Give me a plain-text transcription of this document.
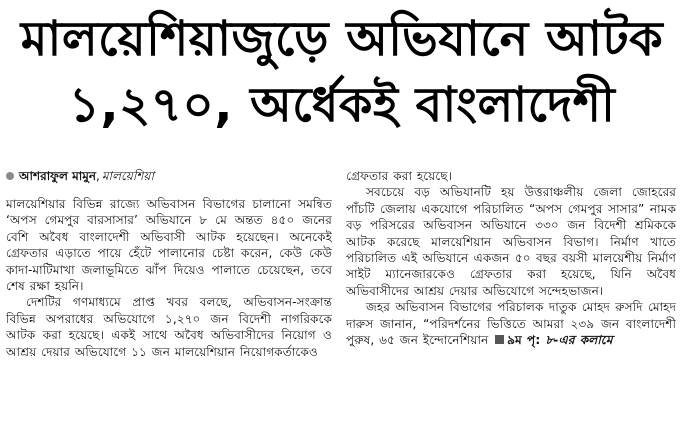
মালয়েশিয়াজুড়ে অভিযানে আটক
১,২৭০, অর্ধেকই বাংলাদেশী
আশরাফুল মামুন, মালয়েশিয়া

মালয়েশিয়ার বিভিন্ন রাজ্যে অভিবাসন বিভাগের চালানো সমন্বিত ‘অপস গেমপুর বারসাসার’ অভিযানে ৮ মে অন্তত ৪৫০ জনের বেশি অবৈধ বাংলাদেশী অভিবাসী আটক হয়েছেন। অনেকেই গ্রেফতার এড়াতে পায়ে হেঁটে পালানোর চেষ্টা করেন, কেউ কেউ কাদা-মাটিমাখা জলাভূমিতে ঝাঁপ দিয়েও পালাতে চেয়েছেন, তবে শেষ রক্ষা হয়নি।

দেশটির গণমাধ্যমে প্রাপ্ত খবর বলছে, অভিবাসন-সংক্রান্ত বিভিন্ন অপরাধের অভিযোগে ১,২৭০ জন বিদেশী নাগরিককে আটক করা হয়েছে। একই সাথে অবৈধ অভিবাসীদের নিয়োগ ও আশ্রয় দেয়ার অভিযোগে ১১ জন মালয়েশিয়ান নিয়োগকর্তাকেও

গ্রেফতার করা হয়েছে।

সবচেয়ে বড় অভিযানটি হয় উত্তরাঞ্চলীয় জেলা জোহরের পাঁচটি জেলায় একযোগে পরিচালিত “অপস গেমপুর সাসার” নামক বড় পরিসরের অভিবাসন অভিযানে ৩৩০ জন বিদেশী শ্রমিককে আটক করেছে মালয়েশিয়ান অভিবাসন বিভাগ। নির্মাণ খাতে পরিচালিত এই অভিযানে একজন ৫০ বছর বয়সী মালয়েশীয় নির্মাণ সাইট ম্যানেজারকেও গ্রেফতার করা হয়েছে, যিনি অবৈধ অভিবাসীদের আশ্রয় দেয়ার অভিযোগে সন্দেহভাজন।

জহর অভিবাসন বিভাগের পরিচালক দাতুক মোহদ রুসদি মোহদ দারুস জানান, “পরিদর্শনের ভিত্তিতে আমরা ২৩৯ জন বাংলাদেশী পুরুষ, ৬৫ জন ইন্দোনেশিয়ান ৯ম পৃ: ৮-এর কলামে
